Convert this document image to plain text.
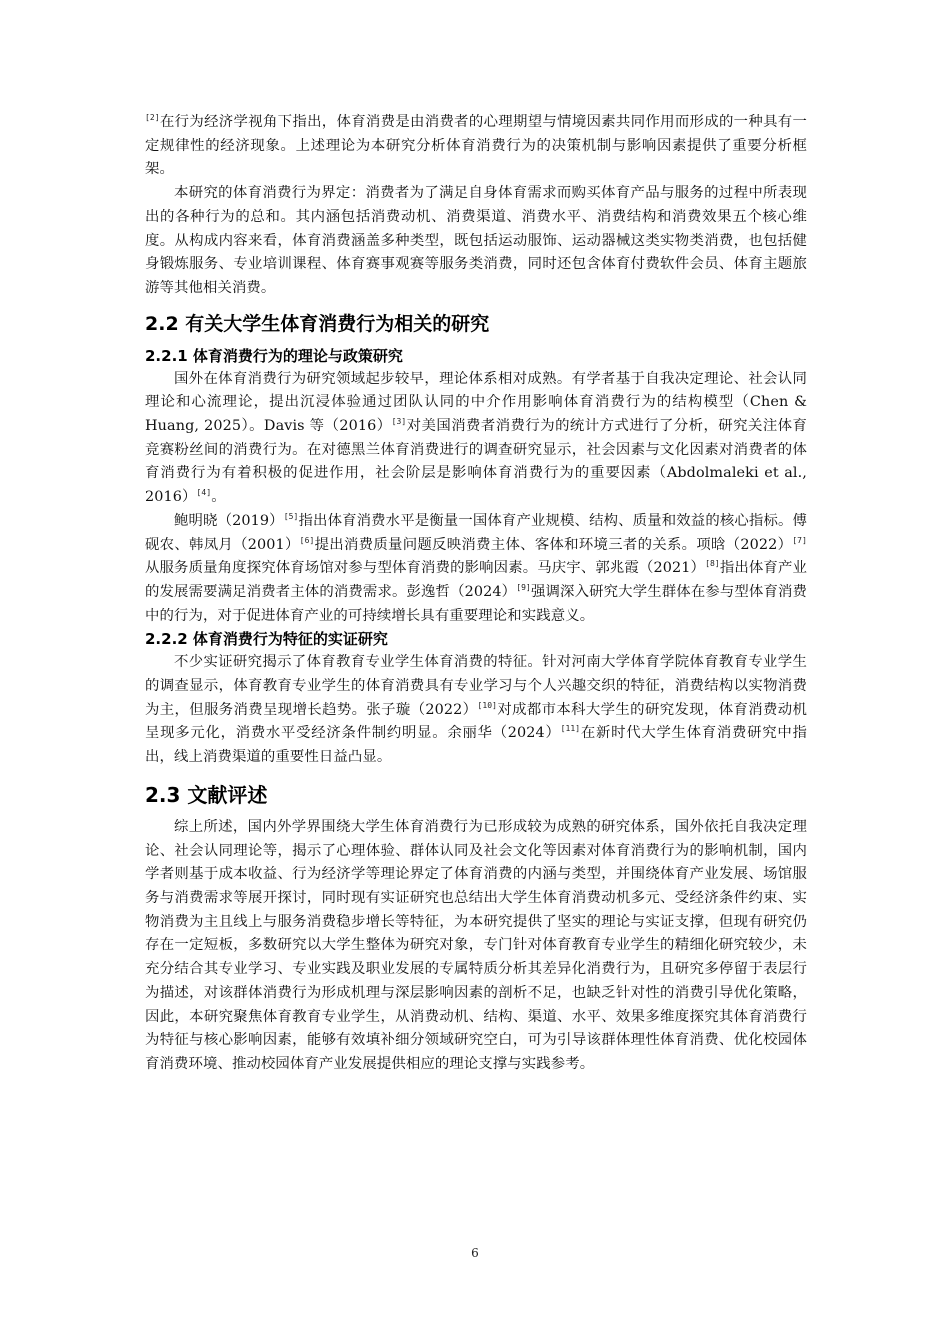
[2]在行为经济学视角下指出，体育消费是由消费者的心理期望与情境因素共同作用而形成的一种具有一定规律性的经济现象。上述理论为本研究分析体育消费行为的决策机制与影响因素提供了重要分析框架。

本研究的体育消费行为界定：消费者为了满足自身体育需求而购买体育产品与服务的过程中所表现出的各种行为的总和。其内涵包括消费动机、消费渠道、消费水平、消费结构和消费效果五个核心维度。从构成内容来看，体育消费涵盖多种类型，既包括运动服饰、运动器械这类实物类消费，也包括健身锻炼服务、专业培训课程、体育赛事观赛等服务类消费，同时还包含体育付费软件会员、体育主题旅游等其他相关消费。

2.2 有关大学生体育消费行为相关的研究
2.2.1 体育消费行为的理论与政策研究

国外在体育消费行为研究领域起步较早，理论体系相对成熟。有学者基于自我决定理论、社会认同理论和心流理论，提出沉浸体验通过团队认同的中介作用影响体育消费行为的结构模型（Chen & Huang, 2025）。Davis 等（2016）[3]对美国消费者消费行为的统计方式进行了分析，研究关注体育竞赛粉丝间的消费行为。在对德黑兰体育消费进行的调查研究显示，社会因素与文化因素对消费者的体育消费行为有着积极的促进作用，社会阶层是影响体育消费行为的重要因素（Abdolmaleki et al., 2016）[4]。

鲍明晓（2019）[5]指出体育消费水平是衡量一国体育产业规模、结构、质量和效益的核心指标。傅砚农、韩凤月（2001）[6]提出消费质量问题反映消费主体、客体和环境三者的关系。项晗（2022）[7]从服务质量角度探究体育场馆对参与型体育消费的影响因素。马庆宇、郭兆霞（2021）[8]指出体育产业的发展需要满足消费者主体的消费需求。彭逸哲（2024）[9]强调深入研究大学生群体在参与型体育消费中的行为，对于促进体育产业的可持续增长具有重要理论和实践意义。

2.2.2 体育消费行为特征的实证研究

不少实证研究揭示了体育教育专业学生体育消费的特征。针对河南大学体育学院体育教育专业学生的调查显示，体育教育专业学生的体育消费具有专业学习与个人兴趣交织的特征，消费结构以实物消费为主，但服务消费呈现增长趋势。张子璇（2022）[10]对成都市本科大学生的研究发现，体育消费动机呈现多元化，消费水平受经济条件制约明显。余丽华（2024）[11]在新时代大学生体育消费研究中指出，线上消费渠道的重要性日益凸显。

2.3 文献评述

综上所述，国内外学界围绕大学生体育消费行为已形成较为成熟的研究体系，国外依托自我决定理论、社会认同理论等，揭示了心理体验、群体认同及社会文化等因素对体育消费行为的影响机制，国内学者则基于成本收益、行为经济学等理论界定了体育消费的内涵与类型，并围绕体育产业发展、场馆服务与消费需求等展开探讨，同时现有实证研究也总结出大学生体育消费动机多元、受经济条件约束、实物消费为主且线上与服务消费稳步增长等特征，为本研究提供了坚实的理论与实证支撑，但现有研究仍存在一定短板，多数研究以大学生整体为研究对象，专门针对体育教育专业学生的精细化研究较少，未充分结合其专业学习、专业实践及职业发展的专属特质分析其差异化消费行为，且研究多停留于表层行为描述，对该群体消费行为形成机理与深层影响因素的剖析不足，也缺乏针对性的消费引导优化策略，因此，本研究聚焦体育教育专业学生，从消费动机、结构、渠道、水平、效果多维度探究其体育消费行为特征与核心影响因素，能够有效填补细分领域研究空白，可为引导该群体理性体育消费、优化校园体育消费环境、推动校园体育产业发展提供相应的理论支撑与实践参考。

6
